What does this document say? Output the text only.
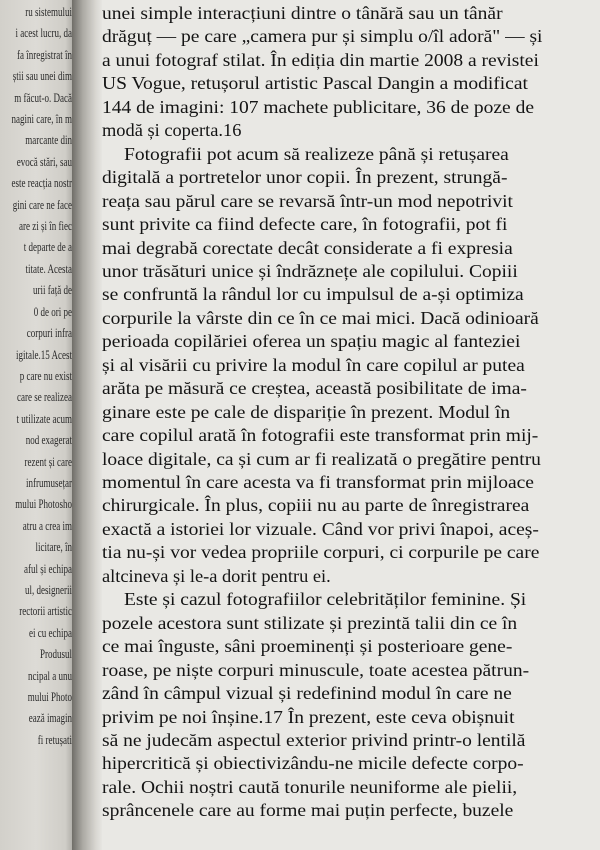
ru sistemului
i acest lucru, da
fa înregistrat în
știi sau unei dim
m făcut-o. Dacă
nagini care, în m
marcante din
evocă stări, sau
este reacția nostr
gini care ne face
are zi și în fiec
t departe de a
titate. Acesta
urii față de
0 de ori pe
corpuri infra
igitale.15 Acest
p care nu exist
care se realizea
t utilizate acum
nod exagerat
rezent și care
infrumusețar
mului Photosho
atru a crea im
licitare, în
aful și echipa
ul, designerii
rectorii artistic
ei cu echipa
Produsul
ncipal a unu
mului Photo
ează imagin
fi retușati
unei simple interacțiuni dintre o tânără sau un tânăr
drăguț — pe care „camera pur și simplu o/îl adoră" — și
a unui fotograf stilat. În ediția din martie 2008 a revistei
US Vogue, retușorul artistic Pascal Dangin a modificat
144 de imagini: 107 machete publicitare, 36 de poze de
modă și coperta.16
Fotografii pot acum să realizeze până și retușarea
digitală a portretelor unor copii. În prezent, strungă-
reața sau părul care se revarsă într-un mod nepotrivit
sunt privite ca fiind defecte care, în fotografii, pot fi
mai degrabă corectate decât considerate a fi expresia
unor trăsături unice și îndrăznețe ale copilului. Copiii
se confruntă la rândul lor cu impulsul de a-și optimiza
corpurile la vârste din ce în ce mai mici. Dacă odinioară
perioada copilăriei oferea un spațiu magic al fanteziei
și al visării cu privire la modul în care copilul ar putea
arăta pe măsură ce creștea, această posibilitate de ima-
ginare este pe cale de dispariție în prezent. Modul în
care copilul arată în fotografii este transformat prin mij-
loace digitale, ca și cum ar fi realizată o pregătire pentru
momentul în care acesta va fi transformat prin mijloace
chirurgicale. În plus, copiii nu au parte de înregistrarea
exactă a istoriei lor vizuale. Când vor privi înapoi, aceș-
tia nu-și vor vedea propriile corpuri, ci corpurile pe care
altcineva și le-a dorit pentru ei.
Este și cazul fotografiilor celebrităților feminine. Și
pozele acestora sunt stilizate și prezintă talii din ce în
ce mai înguste, sâni proeminenți și posterioare gene-
roase, pe niște corpuri minuscule, toate acestea pătrun-
zând în câmpul vizual și redefinind modul în care ne
privim pe noi înșine.17 În prezent, este ceva obișnuit
să ne judecăm aspectul exterior privind printr-o lentilă
hipercritică și obiectivizându-ne micile defecte corpo-
rale. Ochii noștri caută tonurile neuniforme ale pielii,
sprâncenele care au forme mai puțin perfecte, buzele
